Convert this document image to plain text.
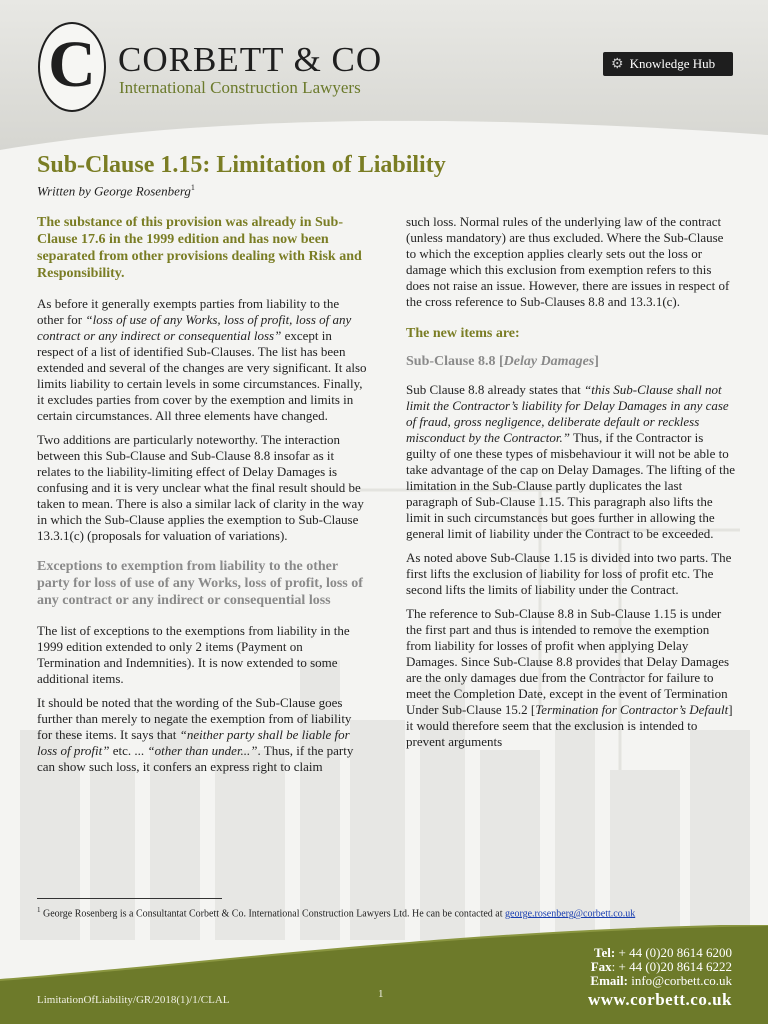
C CORBETT & CO
International Construction Lawyers
⚙ Knowledge Hub
Sub-Clause 1.15: Limitation of Liability
Written by George Rosenberg$^1$

The substance of this provision was already in Sub-Clause 17.6 in the 1999 edition and has now been separated from other provisions dealing with Risk and Responsibility.

As before it generally exempts parties from liability to the other for “loss of use of any Works, loss of profit, loss of any contract or any indirect or consequential loss” except in respect of a list of identified Sub-Clauses. The list has been extended and several of the changes are very significant. It also limits liability to certain levels in some circumstances. Finally, it excludes parties from cover by the exemption and limits in certain circumstances. All three elements have changed.

Two additions are particularly noteworthy. The interaction between this Sub-Clause and Sub-Clause 8.8 insofar as it relates to the liability-limiting effect of Delay Damages is confusing and it is very unclear what the final result should be taken to mean. There is also a similar lack of clarity in the way in which the Sub-Clause applies the exemption to Sub-Clause 13.3.1(c) (proposals for valuation of variations).

Exceptions to exemption from liability to the other party for loss of use of any Works, loss of profit, loss of any contract or any indirect or consequential loss

The list of exceptions to the exemptions from liability in the 1999 edition extended to only 2 items (Payment on Termination and Indemnities). It is now extended to some additional items.

It should be noted that the wording of the Sub-Clause goes further than merely to negate the exemption from of liability for these items. It says that “neither party shall be liable for loss of profit” etc. ... “other than under...”. Thus, if the party can show such loss, it confers an express right to claim

such loss. Normal rules of the underlying law of the contract (unless mandatory) are thus excluded. Where the Sub-Clause to which the exception applies clearly sets out the loss or damage which this exclusion from exemption refers to this does not raise an issue. However, there are issues in respect of the cross reference to Sub-Clauses 8.8 and 13.3.1(c).

The new items are:

Sub-Clause 8.8 [Delay Damages]

Sub Clause 8.8 already states that “this Sub-Clause shall not limit the Contractor’s liability for Delay Damages in any case of fraud, gross negligence, deliberate default or reckless misconduct by the Contractor.” Thus, if the Contractor is guilty of one these types of misbehaviour it will not be able to take advantage of the cap on Delay Damages. The lifting of the limitation in the Sub-Clause partly duplicates the last paragraph of Sub-Clause 1.15. This paragraph also lifts the limit in such circumstances but goes further in allowing the general limit of liability under the Contract to be exceeded.

As noted above Sub-Clause 1.15 is divided into two parts. The first lifts the exclusion of liability for loss of profit etc. The second lifts the limits of liability under the Contract.

The reference to Sub-Clause 8.8 in Sub-Clause 1.15 is under the first part and thus is intended to remove the exemption from liability for losses of profit when applying Delay Damages. Since Sub-Clause 8.8 provides that Delay Damages are the only damages due from the Contractor for failure to meet the Completion Date, except in the event of Termination Under Sub-Clause 15.2 [Termination for Contractor’s Default] it would therefore seem that the exclusion is intended to prevent arguments

$^1$ George Rosenberg is a Consultantat Corbett & Co. International Construction Lawyers Ltd. He can be contacted at george.rosenberg@corbett.co.uk
Tel: + 44 (0)20 8614 6200
Fax: + 44 (0)20 8614 6222
Email: info@corbett.co.uk
www.corbett.co.uk
LimitationOfLiability/GR/2018(1)/1/CLAL	1
